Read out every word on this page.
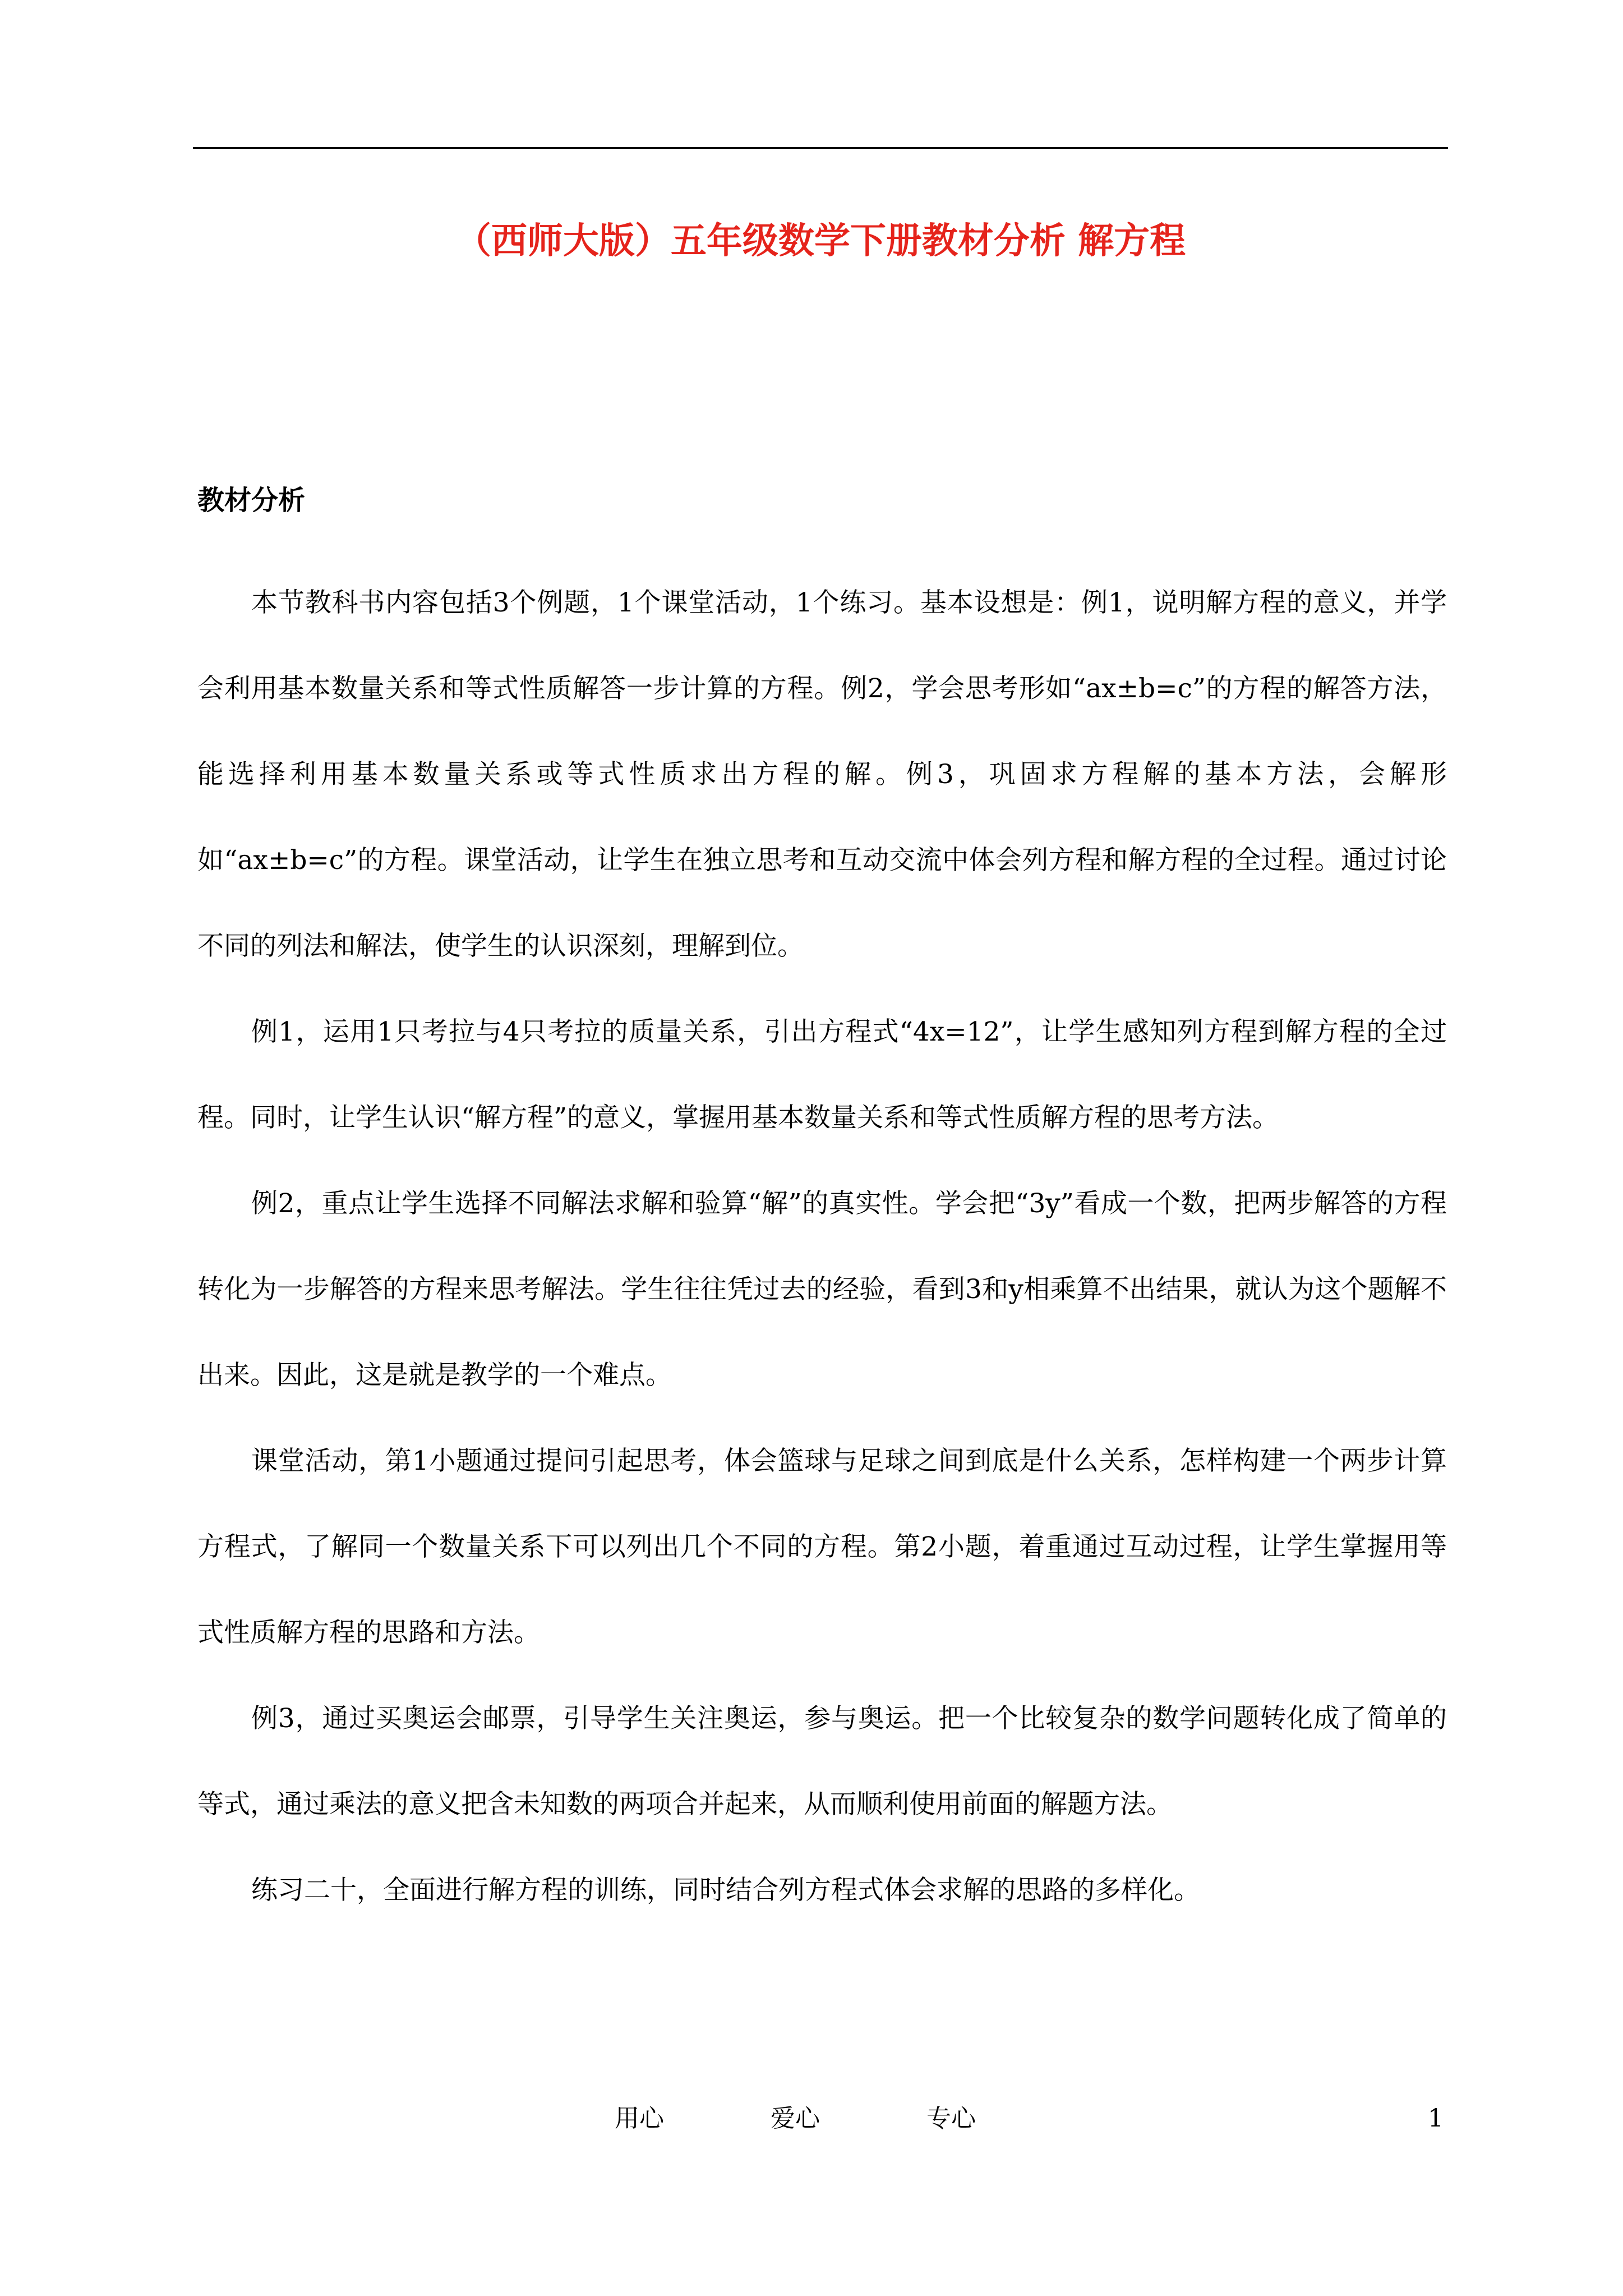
（西师大版）五年级数学下册教材分析 解方程
教材分析

本节教科书内容包括3个例题，1个课堂活动，1个练习。基本设想是：例1，说明解方程的意义，并学会利用基本数量关系和等式性质解答一步计算的方程。例2，学会思考形如“ax±b=c”的方程的解答方法，能选择利用基本数量关系或等式性质求出方程的解。例3，巩固求方程解的基本方法，会解形如“ax±b=c”的方程。课堂活动，让学生在独立思考和互动交流中体会列方程和解方程的全过程。通过讨论不同的列法和解法，使学生的认识深刻，理解到位。

例1，运用1只考拉与4只考拉的质量关系，引出方程式“4x=12”，让学生感知列方程到解方程的全过程。同时，让学生认识“解方程”的意义，掌握用基本数量关系和等式性质解方程的思考方法。

例2，重点让学生选择不同解法求解和验算“解”的真实性。学会把“3y”看成一个数，把两步解答的方程转化为一步解答的方程来思考解法。学生往往凭过去的经验，看到3和y相乘算不出结果，就认为这个题解不出来。因此，这是就是教学的一个难点。

课堂活动，第1小题通过提问引起思考，体会篮球与足球之间到底是什么关系，怎样构建一个两步计算方程式，了解同一个数量关系下可以列出几个不同的方程。第2小题，着重通过互动过程，让学生掌握用等式性质解方程的思路和方法。

例3，通过买奥运会邮票，引导学生关注奥运，参与奥运。把一个比较复杂的数学问题转化成了简单的等式，通过乘法的意义把含未知数的两项合并起来，从而顺利使用前面的解题方法。

练习二十，全面进行解方程的训练，同时结合列方程式体会求解的思路的多样化。

用心	爱心	专心	1
